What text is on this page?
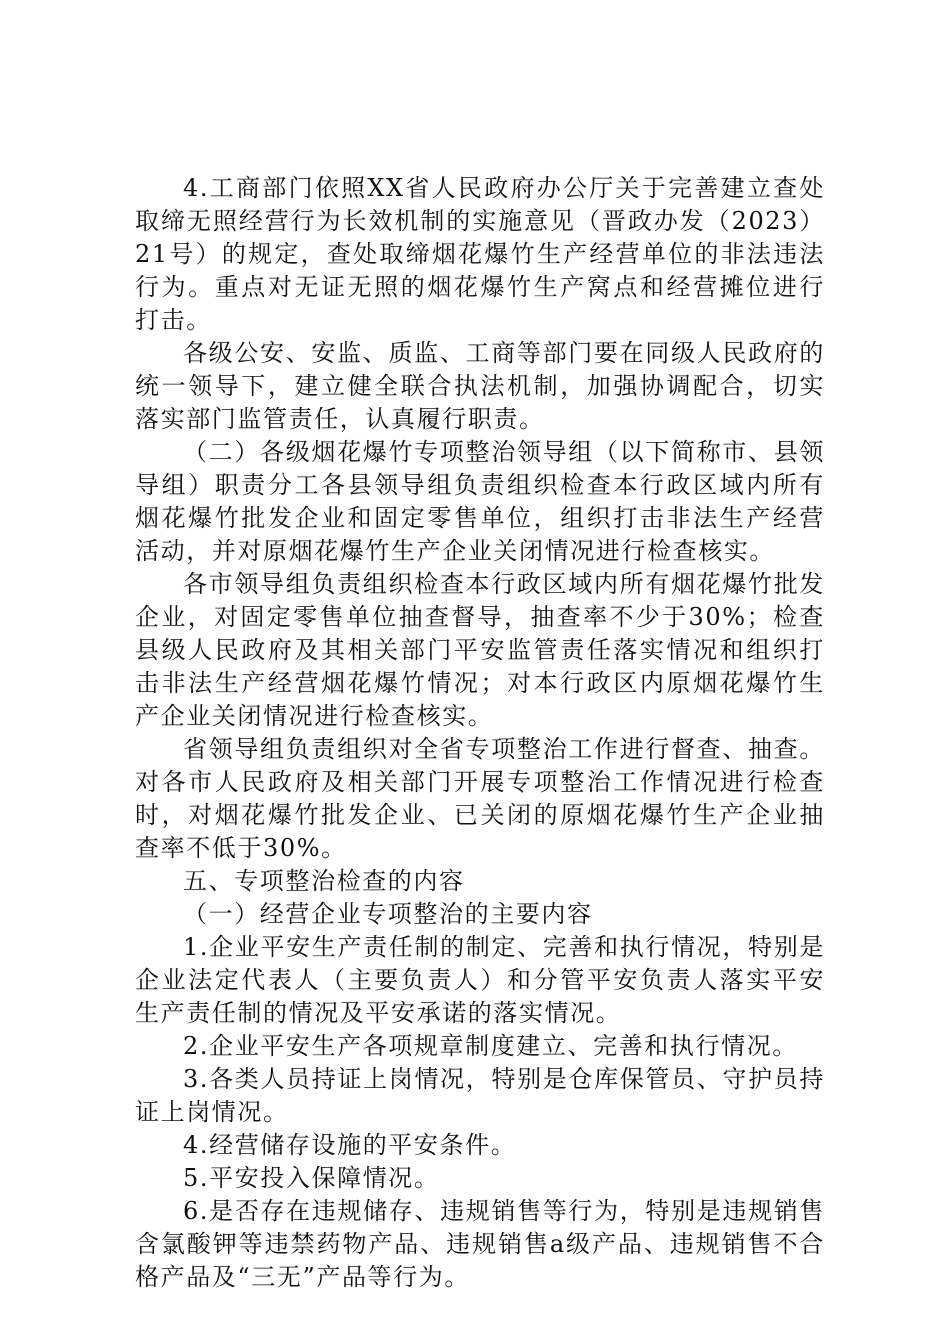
4.工商部门依照XX省人民政府办公厅关于完善建立查处取缔无照经营行为长效机制的实施意见（晋政办发（2023）21号）的规定，查处取缔烟花爆竹生产经营单位的非法违法行为。重点对无证无照的烟花爆竹生产窝点和经营摊位进行打击。

各级公安、安监、质监、工商等部门要在同级人民政府的统一领导下，建立健全联合执法机制，加强协调配合，切实落实部门监管责任，认真履行职责。

（二）各级烟花爆竹专项整治领导组（以下简称市、县领导组）职责分工各县领导组负责组织检查本行政区域内所有烟花爆竹批发企业和固定零售单位，组织打击非法生产经营活动，并对原烟花爆竹生产企业关闭情况进行检查核实。

各市领导组负责组织检查本行政区域内所有烟花爆竹批发企业，对固定零售单位抽查督导，抽查率不少于30%；检查县级人民政府及其相关部门平安监管责任落实情况和组织打击非法生产经营烟花爆竹情况；对本行政区内原烟花爆竹生产企业关闭情况进行检查核实。

省领导组负责组织对全省专项整治工作进行督查、抽查。对各市人民政府及相关部门开展专项整治工作情况进行检查时，对烟花爆竹批发企业、已关闭的原烟花爆竹生产企业抽查率不低于30%。

五、专项整治检查的内容

（一）经营企业专项整治的主要内容

1.企业平安生产责任制的制定、完善和执行情况，特别是企业法定代表人（主要负责人）和分管平安负责人落实平安生产责任制的情况及平安承诺的落实情况。

2.企业平安生产各项规章制度建立、完善和执行情况。

3.各类人员持证上岗情况，特别是仓库保管员、守护员持证上岗情况。

4.经营储存设施的平安条件。

5.平安投入保障情况。

6.是否存在违规储存、违规销售等行为，特别是违规销售含氯酸钾等违禁药物产品、违规销售a级产品、违规销售不合格产品及“三无”产品等行为。
